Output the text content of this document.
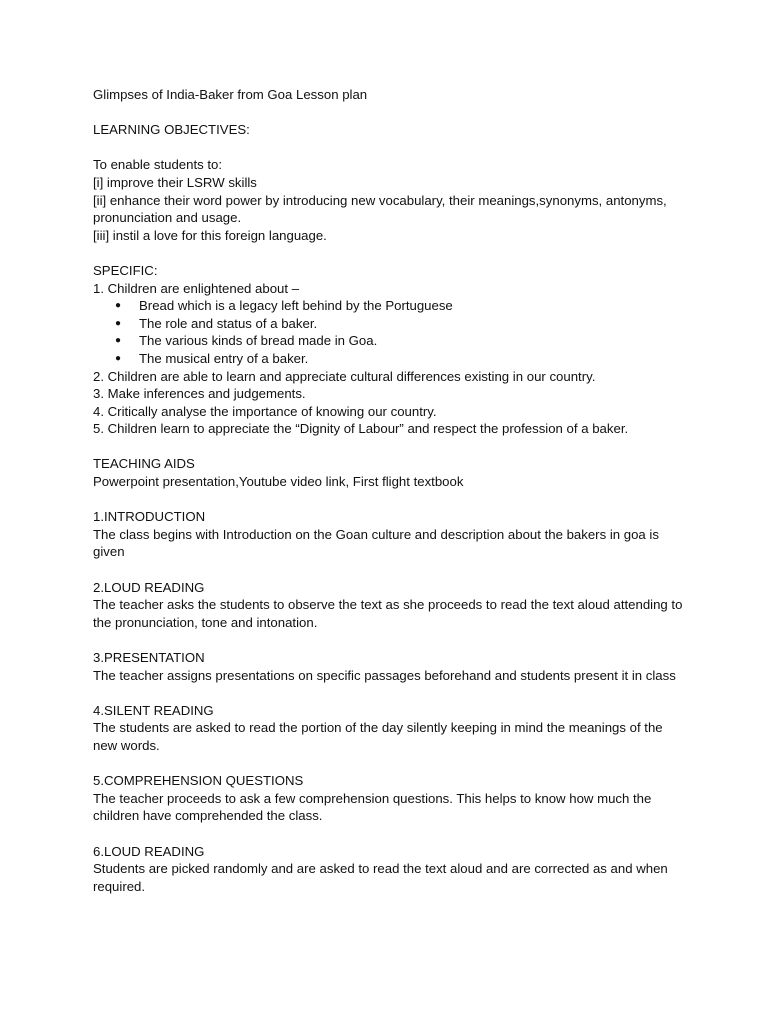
Glimpses of India-Baker from Goa Lesson plan

LEARNING OBJECTIVES:

To enable students to:

[i] improve their LSRW skills

[ii] enhance their word power by introducing new vocabulary, their meanings,synonyms, antonyms, pronunciation and usage.

[iii] instil a love for this foreign language.

SPECIFIC:

1. Children are enlightened about –

● Bread which is a legacy left behind by the Portuguese
● The role and status of a baker.
● The various kinds of bread made in Goa.
● The musical entry of a baker.

2. Children are able to learn and appreciate cultural differences existing in our country.

3. Make inferences and judgements.

4. Critically analyse the importance of knowing our country.

5. Children learn to appreciate the “Dignity of Labour” and respect the profession of a baker.

TEACHING AIDS

Powerpoint presentation,Youtube video link, First flight textbook

1.INTRODUCTION

The class begins with Introduction on the Goan culture and description about the bakers in goa is given

2.LOUD READING

The teacher asks the students to observe the text as she proceeds to read the text aloud attending to the pronunciation, tone and intonation.

3.PRESENTATION

The teacher assigns presentations on specific passages beforehand and students present it in class

4.SILENT READING

The students are asked to read the portion of the day silently keeping in mind the meanings of the new words.

5.COMPREHENSION QUESTIONS

The teacher proceeds to ask a few comprehension questions. This helps to know how much the children have comprehended the class.

6.LOUD READING

Students are picked randomly and are asked to read the text aloud and are corrected as and when required.
